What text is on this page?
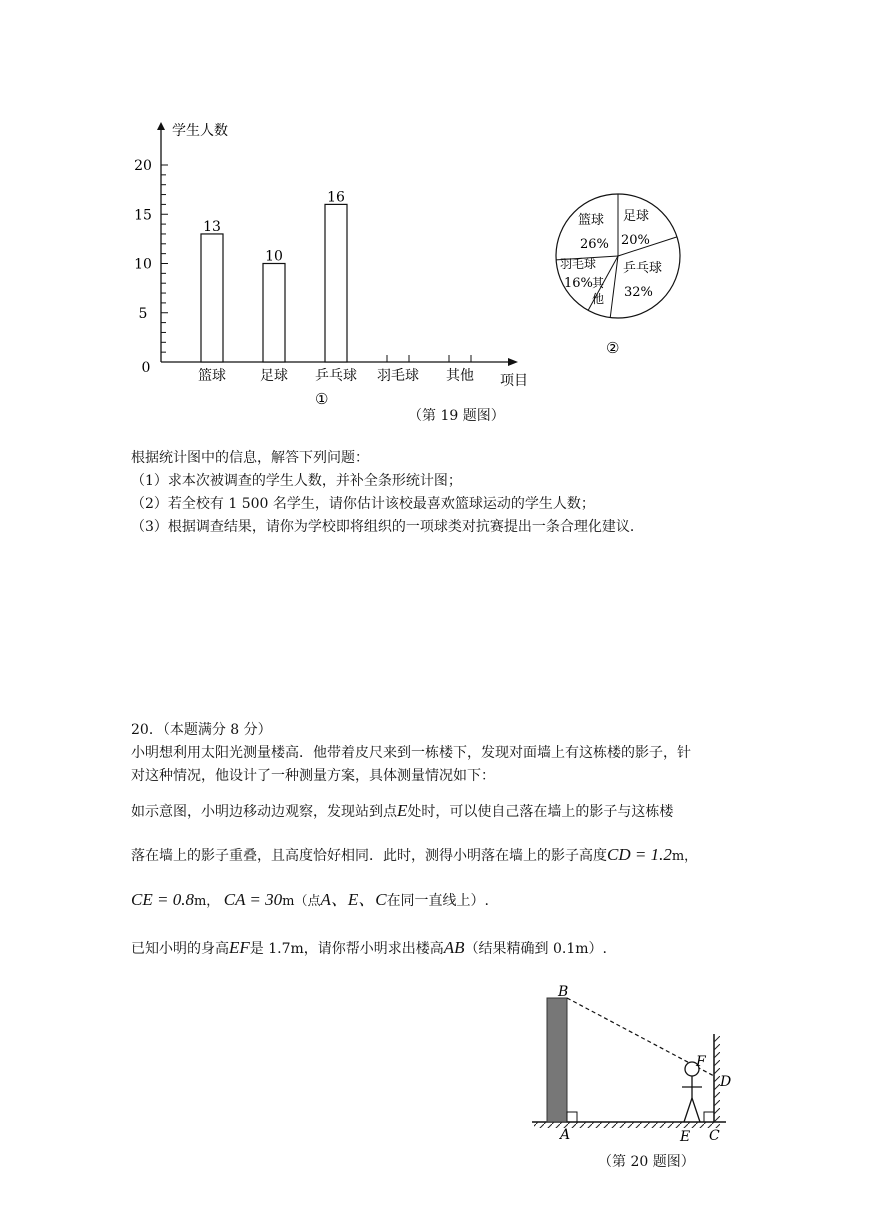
0
5
10
15
20
13
篮球
10
足球
16
乒乓球 羽毛球 其他
学生人数
项目
①
篮球
26%
足球
20%
乒乓球
32%
羽毛球
16% 其 他
②
（第 19 题图）
根据统计图中的信息，解答下列问题：
（1）求本次被调查的学生人数，并补全条形统计图；
（2）若全校有 1 500 名学生，请你估计该校最喜欢篮球运动的学生人数；
（3）根据调查结果，请你为学校即将组织的一项球类对抗赛提出一条合理化建议．
20．（本题满分 8 分）
小明想利用太阳光测量楼高．他带着皮尺来到一栋楼下，发现对面墙上有这栋楼的影子，针
对这种情况，他设计了一种测量方案，具体测量情况如下：
如示意图，小明边移动边观察，发现站到点E处时，可以使自己落在墙上的影子与这栋楼
落在墙上的影子重叠，且高度恰好相同．此时，测得小明落在墙上的影子高度CD = 1.2m，
CE = 0.8m， CA = 30m（点A、E、C在同一直线上）.
已知小明的身高EF是 1.7m，请你帮小明求出楼高AB（结果精确到 0.1m）.
B
A
F
D
E C
（第 20 题图）
